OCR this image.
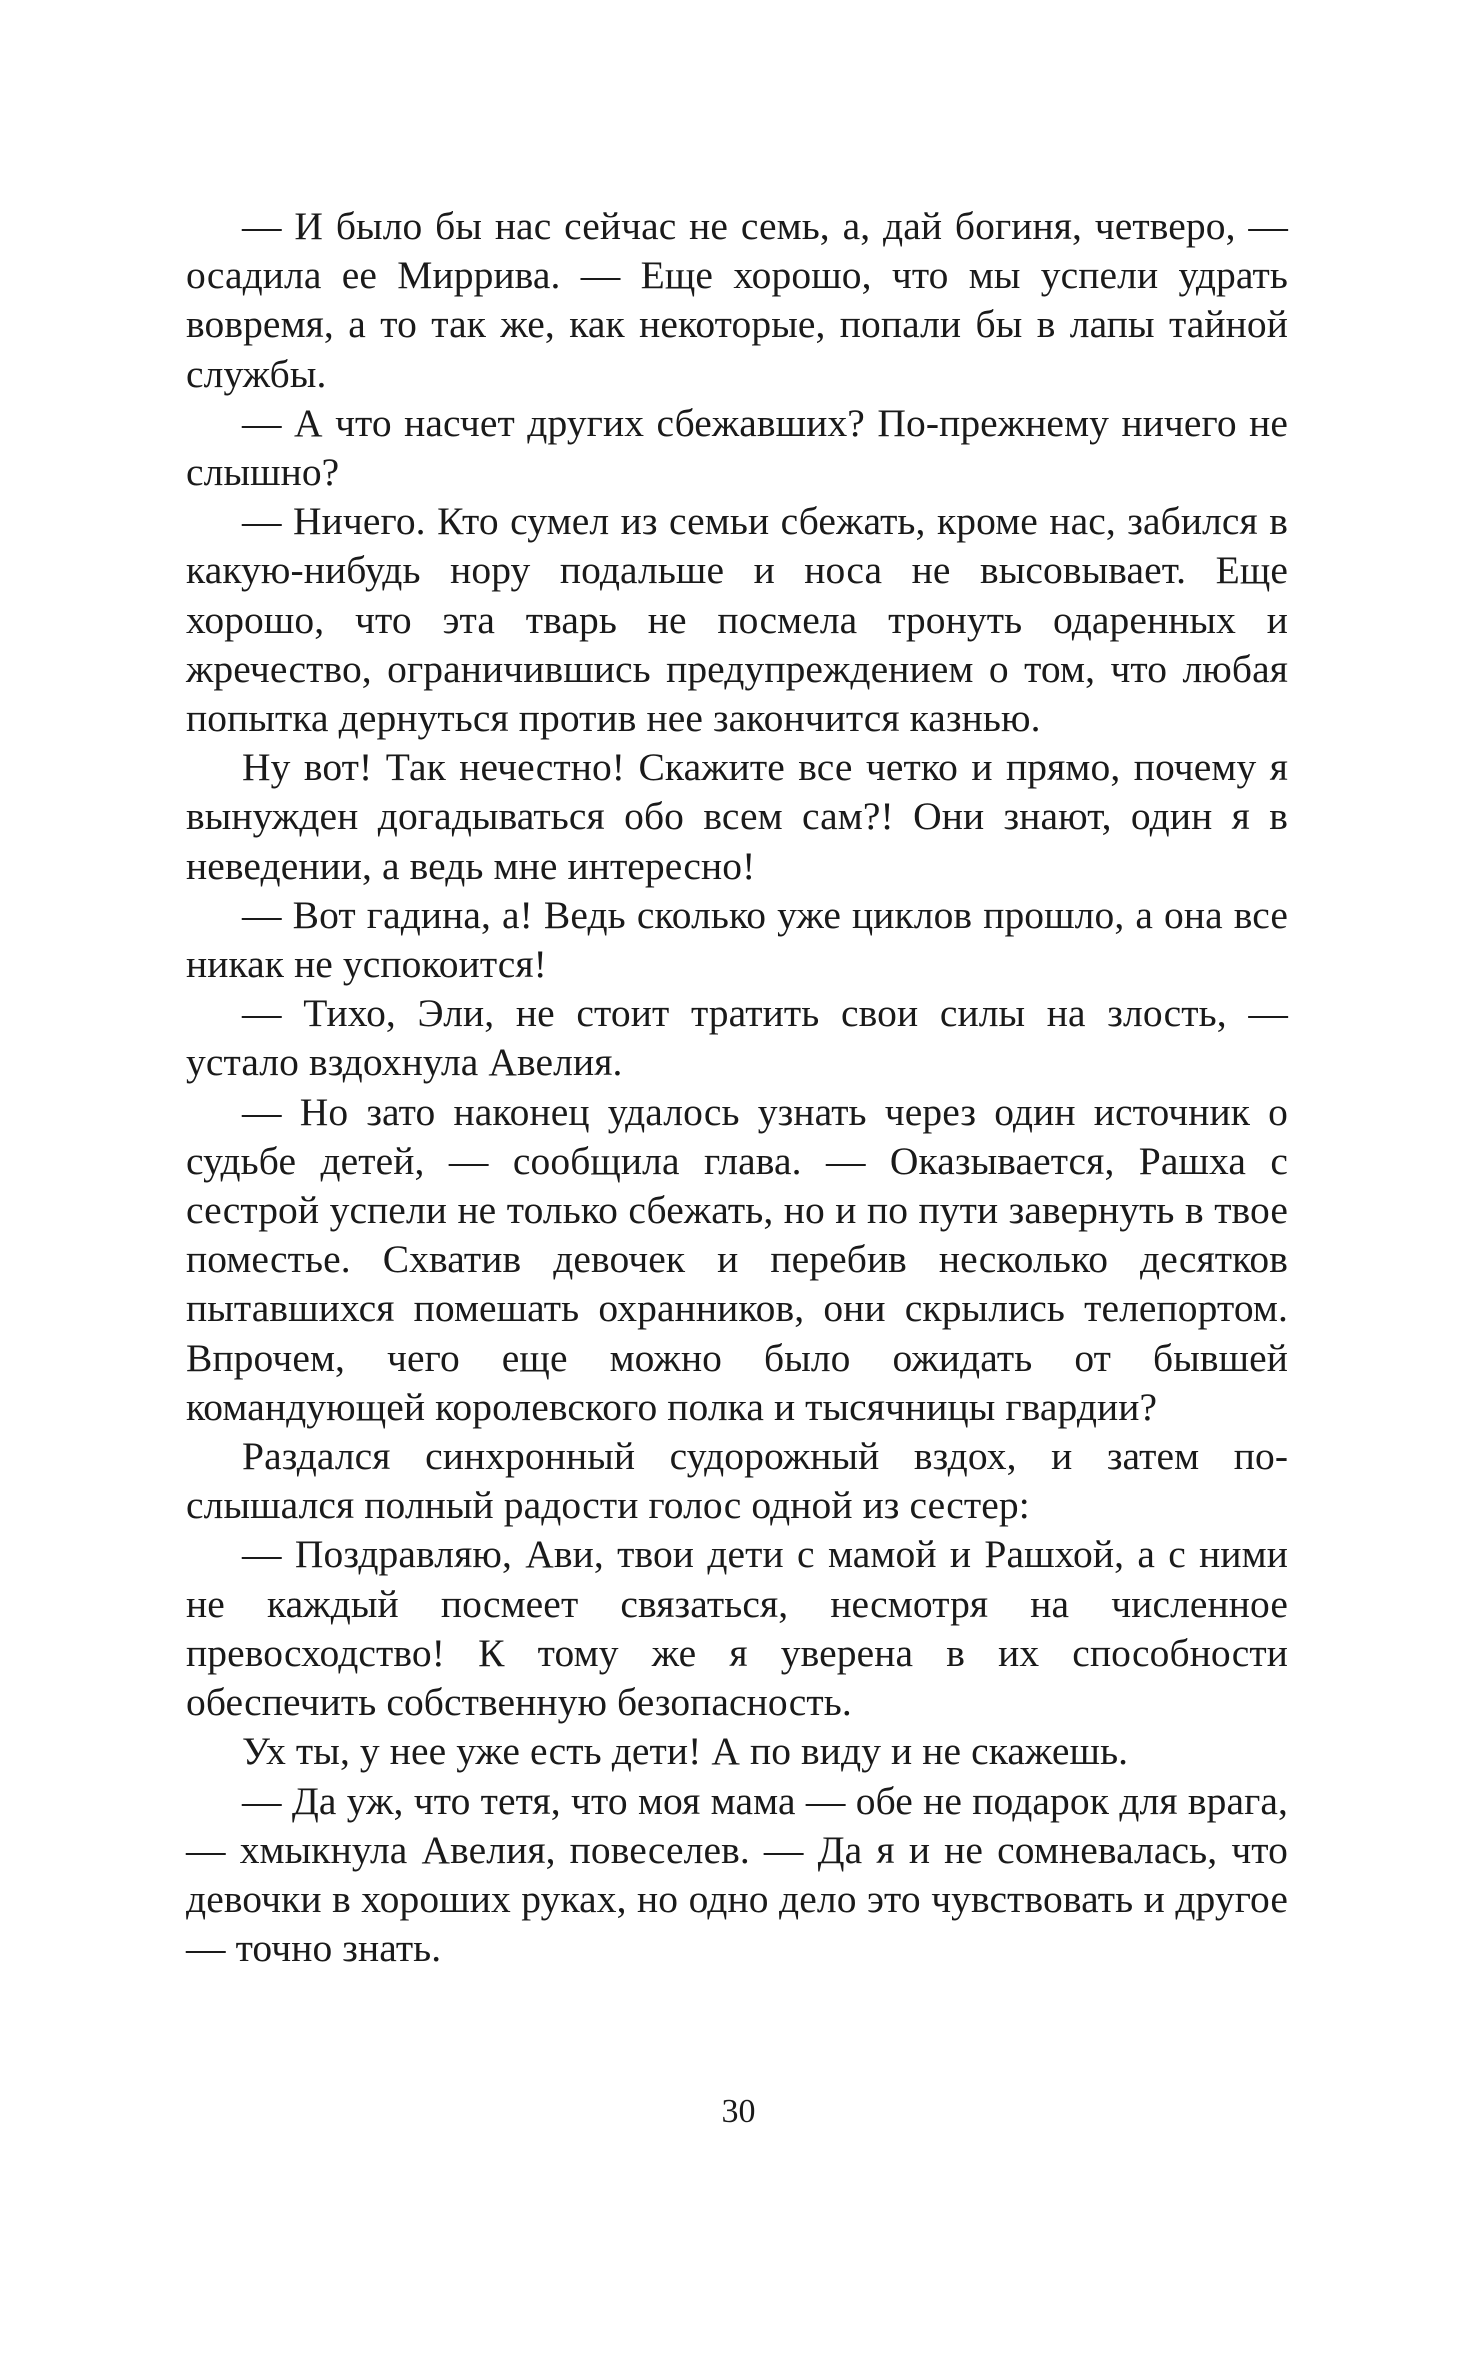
— И было бы нас сейчас не семь, а, дай богиня, четверо, — осадила ее Миррива. — Еще хорошо, что мы успели удрать вовремя, а то так же, как некоторые, попали бы в лапы тайной службы.

— А что насчет других сбежавших? По-прежнему ничего не слышно?

— Ничего. Кто сумел из семьи сбежать, кроме нас, забился в какую-нибудь нору подальше и носа не высовывает. Еще хорошо, что эта тварь не посмела тронуть одаренных и жречество, ограничившись предупреждением о том, что любая попытка дернуться против нее закончится казнью.

Ну вот! Так нечестно! Скажите все четко и прямо, почему я вынужден догадываться обо всем сам?! Они знают, один я в неведении, а ведь мне интересно!

— Вот гадина, а! Ведь сколько уже циклов прошло, а она все никак не успокоится!

— Тихо, Эли, не стоит тратить свои силы на злость, — устало вздохнула Авелия.

— Но зато наконец удалось узнать через один источник о судьбе детей, — сообщила глава. — Оказывается, Рашха с сестрой успели не только сбежать, но и по пути завернуть в твое поместье. Схватив девочек и перебив несколько десятков пытавшихся помешать охранников, они скрылись телепортом. Впрочем, чего еще можно было ожидать от бывшей командующей королевского полка и тысячницы гвардии?

Раздался синхронный судорожный вздох, и затем послышался полный радости голос одной из сестер:

— Поздравляю, Ави, твои дети с мамой и Рашхой, а с ними не каждый посмеет связаться, несмотря на численное превосходство! К тому же я уверена в их способности обеспечить собственную безопасность.

Ух ты, у нее уже есть дети! А по виду и не скажешь.

— Да уж, что тетя, что моя мама — обе не подарок для врага, — хмыкнула Авелия, повеселев. — Да я и не сомневалась, что девочки в хороших руках, но одно дело это чувствовать и другое — точно знать.

30
